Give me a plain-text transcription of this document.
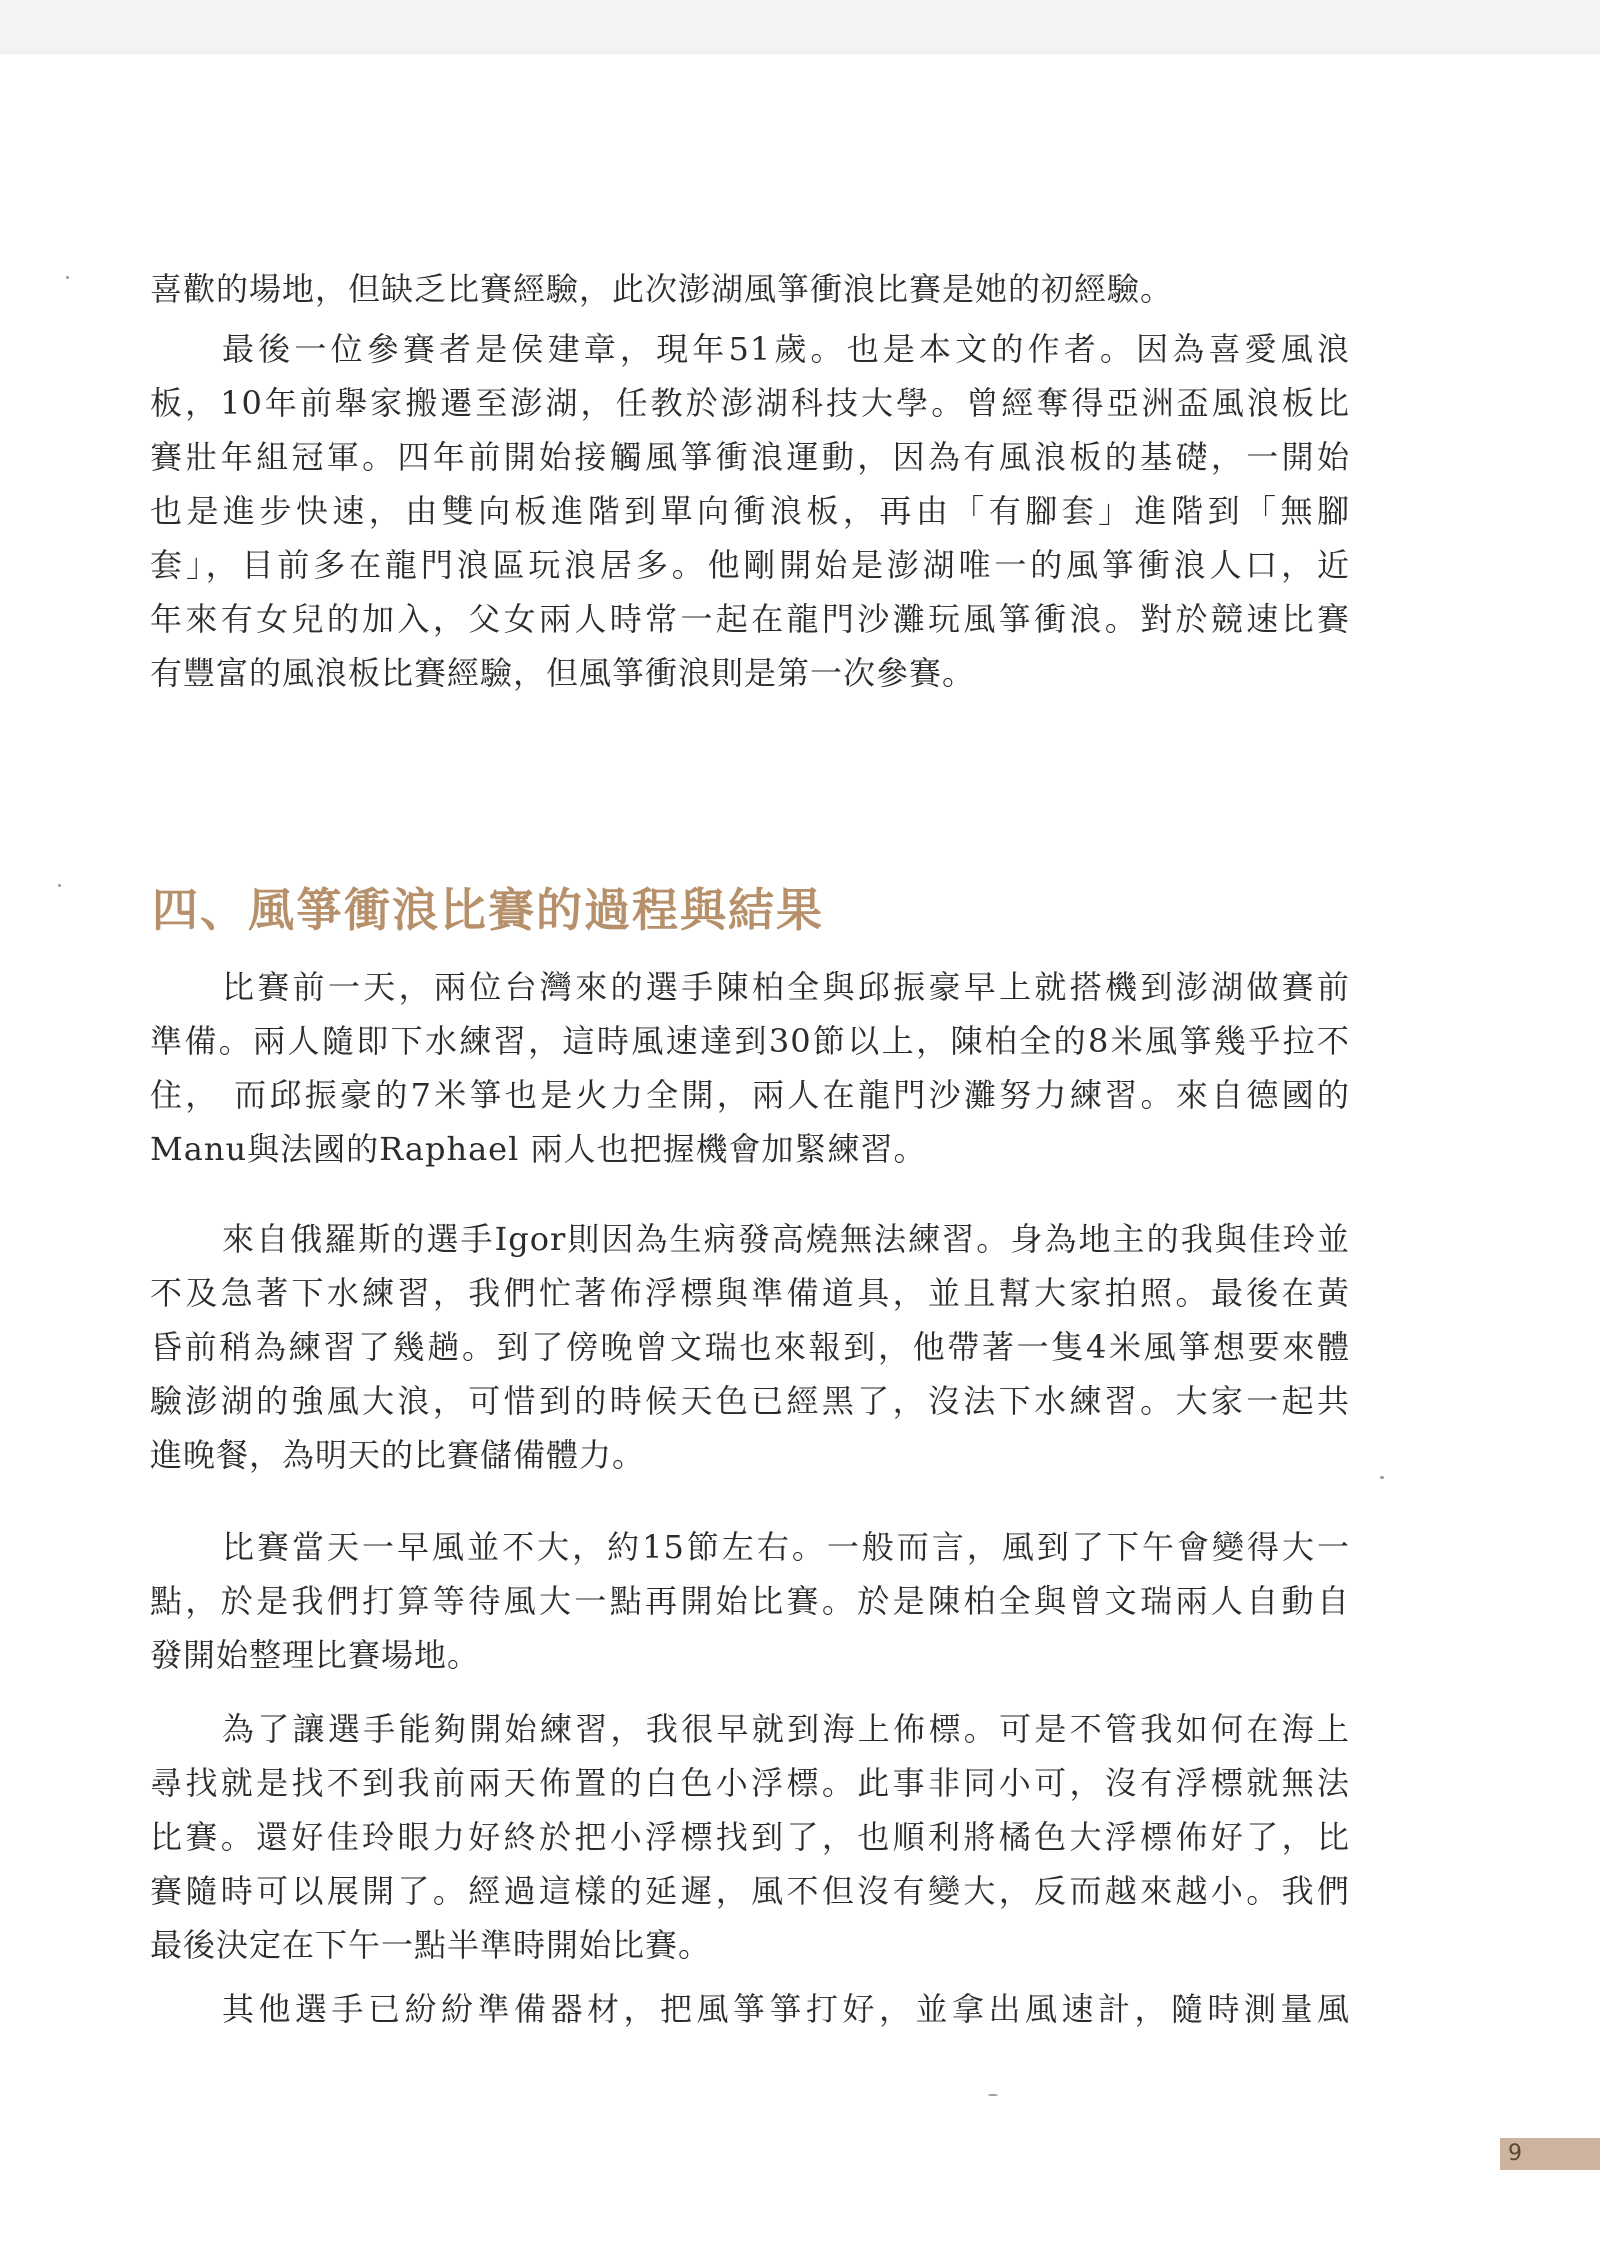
喜歡的場地，但缺乏比賽經驗，此次澎湖風箏衝浪比賽是她的初經驗。
最後一位參賽者是侯建章，現年51歲。也是本文的作者。因為喜愛風浪
板，10年前舉家搬遷至澎湖，任教於澎湖科技大學。曾經奪得亞洲盃風浪板比
賽壯年組冠軍。四年前開始接觸風箏衝浪運動，因為有風浪板的基礎，一開始
也是進步快速，由雙向板進階到單向衝浪板，再由「有腳套」進階到「無腳
套」，目前多在龍門浪區玩浪居多。他剛開始是澎湖唯一的風箏衝浪人口，近
年來有女兒的加入，父女兩人時常一起在龍門沙灘玩風箏衝浪。對於競速比賽
有豐富的風浪板比賽經驗，但風箏衝浪則是第一次參賽。
四、風箏衝浪比賽的過程與結果
比賽前一天，兩位台灣來的選手陳柏全與邱振豪早上就搭機到澎湖做賽前
準備。兩人隨即下水練習，這時風速達到30節以上，陳柏全的8米風箏幾乎拉不
住， 而邱振豪的7米箏也是火力全開，兩人在龍門沙灘努力練習。來自德國的
Manu與法國的Raphael 兩人也把握機會加緊練習。
來自俄羅斯的選手Igor則因為生病發高燒無法練習。身為地主的我與佳玲並
不及急著下水練習，我們忙著佈浮標與準備道具，並且幫大家拍照。最後在黃
昏前稍為練習了幾趟。到了傍晚曾文瑞也來報到，他帶著一隻4米風箏想要來體
驗澎湖的強風大浪，可惜到的時候天色已經黑了，沒法下水練習。大家一起共
進晚餐，為明天的比賽儲備體力。
比賽當天一早風並不大，約15節左右。一般而言，風到了下午會變得大一
點，於是我們打算等待風大一點再開始比賽。於是陳柏全與曾文瑞兩人自動自
發開始整理比賽場地。
為了讓選手能夠開始練習，我很早就到海上佈標。可是不管我如何在海上
尋找就是找不到我前兩天佈置的白色小浮標。此事非同小可，沒有浮標就無法
比賽。還好佳玲眼力好終於把小浮標找到了，也順利將橘色大浮標佈好了，比
賽隨時可以展開了。經過這樣的延遲，風不但沒有變大，反而越來越小。我們
最後決定在下午一點半準時開始比賽。
其他選手已紛紛準備器材，把風箏箏打好，並拿出風速計，隨時測量風
9
